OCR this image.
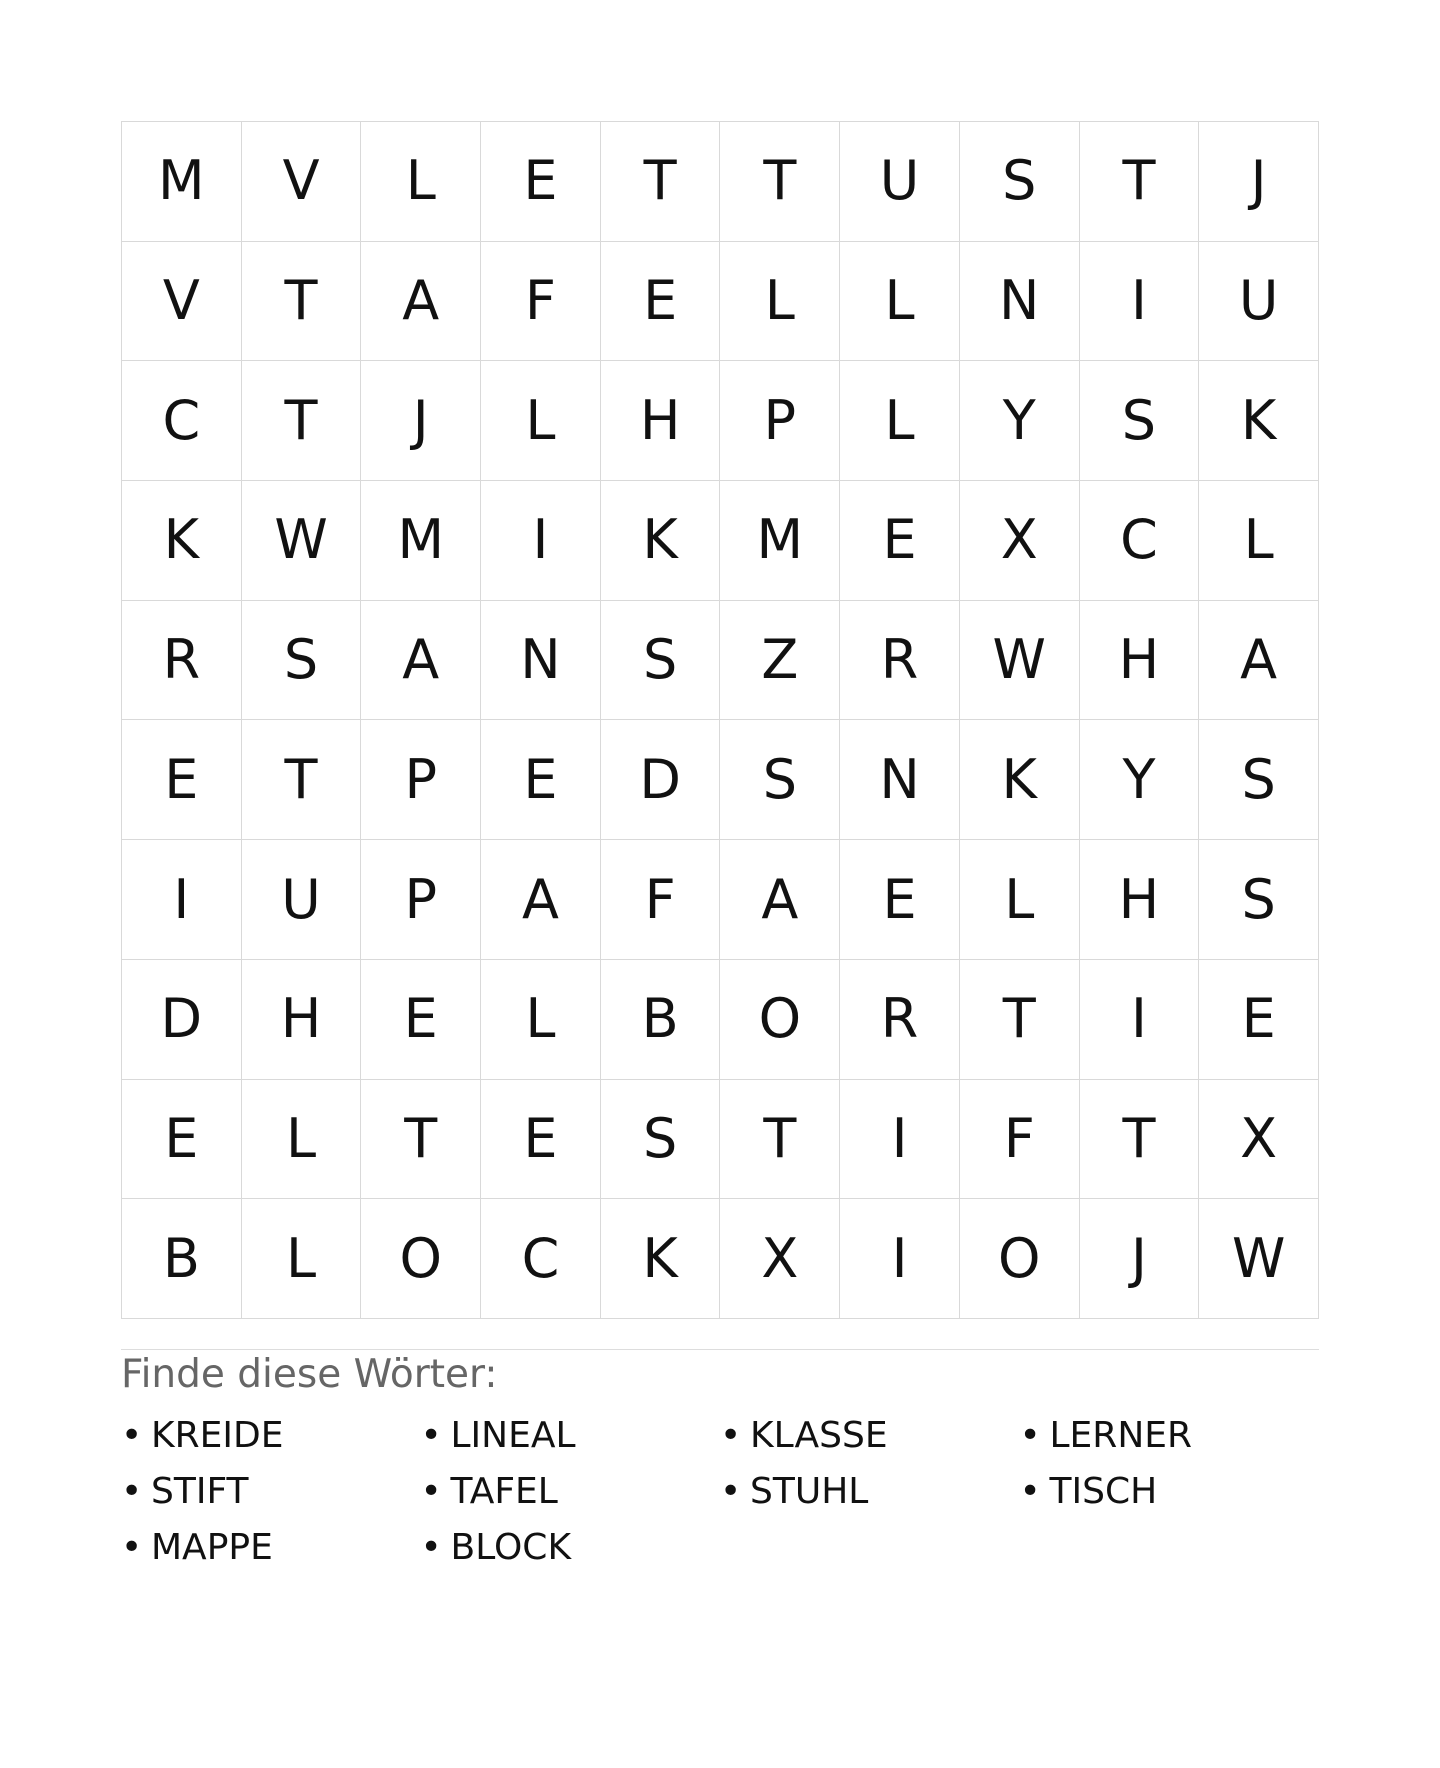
M	V	L	E	T	T	U	S	T	J
V	T	A	F	E	L	L	N	I	U
C	T	J	L	H	P	L	Y	S	K
K	W	M	I	K	M	E	X	C	L
R	S	A	N	S	Z	R	W	H	A
E	T	P	E	D	S	N	K	Y	S
I	U	P	A	F	A	E	L	H	S
D	H	E	L	B	O	R	T	I	E
E	L	T	E	S	T	I	F	T	X
B	L	O	C	K	X	I	O	J	W
Finde diese Wörter:
• KREIDE	• LINEAL	• KLASSE	• LERNER
• STIFT	• TAFEL	• STUHL	• TISCH
• MAPPE	• BLOCK
